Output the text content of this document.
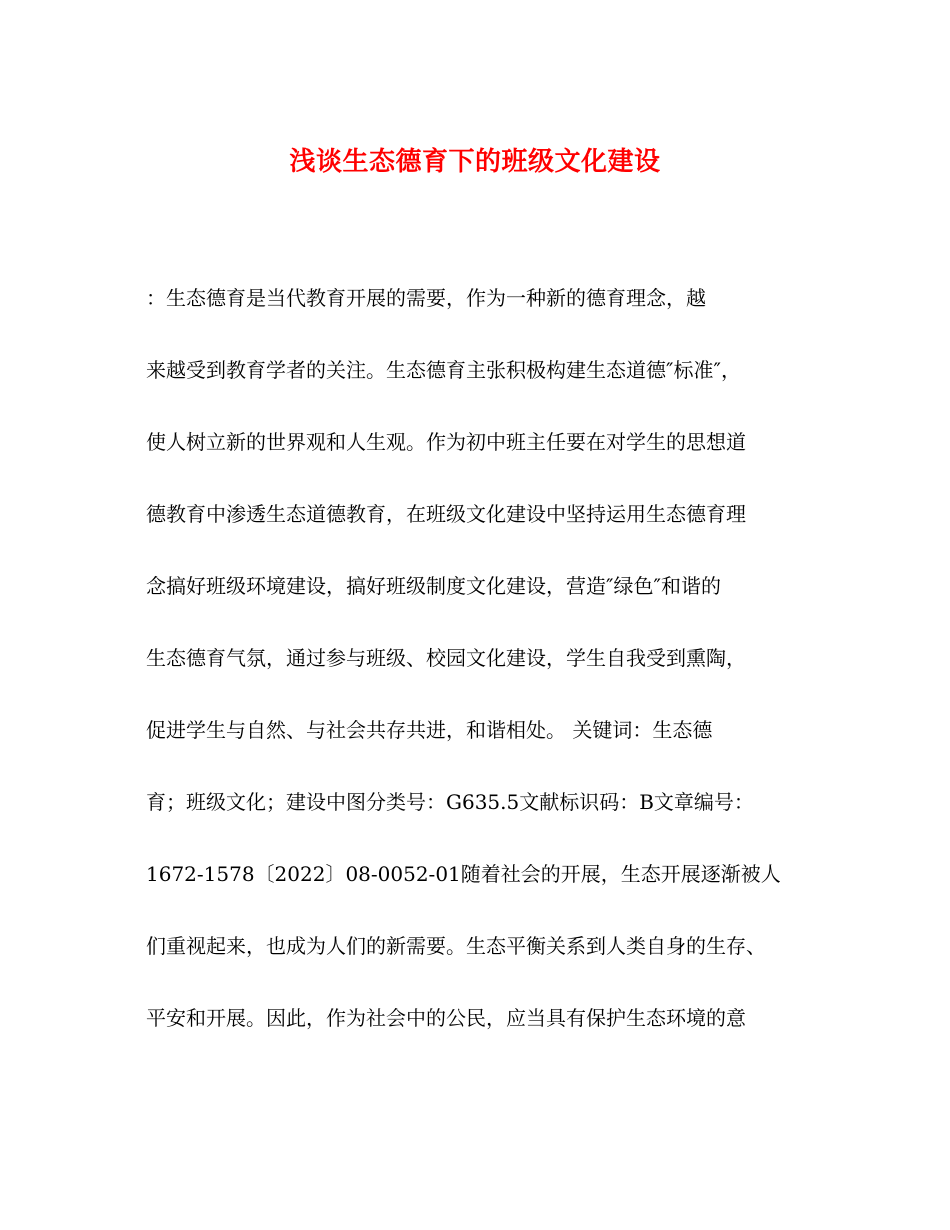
浅谈生态德育下的班级文化建设
：生态德育是当代教育开展的需要，作为一种新的德育理念，越
来越受到教育学者的关注。生态德育主张积极构建生态道德″标准″，
使人树立新的世界观和人生观。作为初中班主任要在对学生的思想道
德教育中渗透生态道德教育，在班级文化建设中坚持运用生态德育理
念搞好班级环境建设，搞好班级制度文化建设，营造″绿色″和谐的
生态德育气氛，通过参与班级、校园文化建设，学生自我受到熏陶，
促进学生与自然、与社会共存共进，和谐相处。 关键词：生态德
育；班级文化；建设中图分类号：G635.5文献标识码：B文章编号：
1672-1578〔2022〕08-0052-01随着社会的开展，生态开展逐渐被人
们重视起来，也成为人们的新需要。生态平衡关系到人类自身的生存、
平安和开展。因此，作为社会中的公民，应当具有保护生态环境的意
